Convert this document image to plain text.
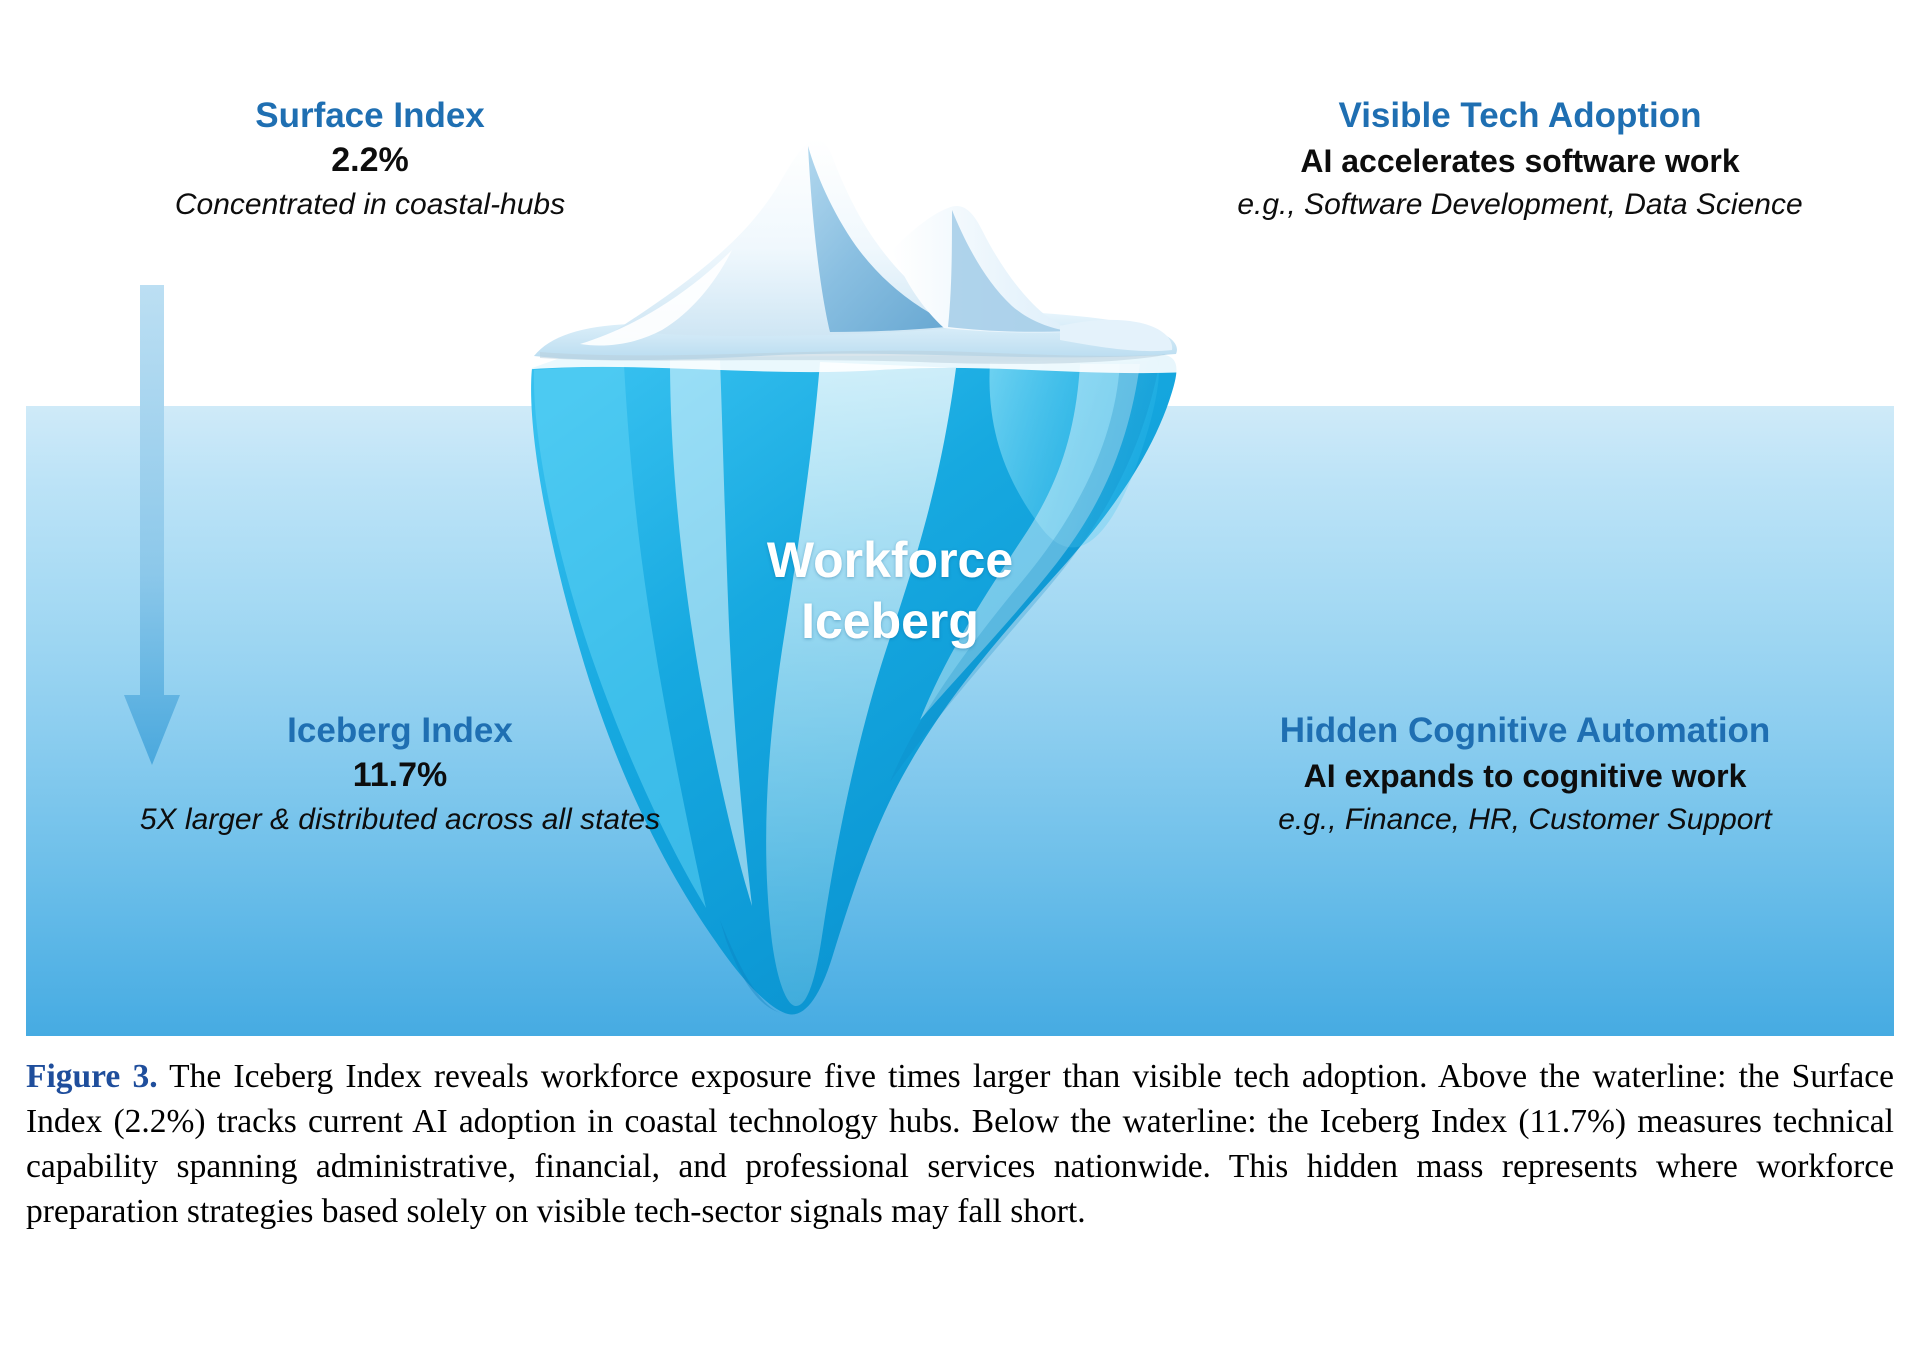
Workforce
Iceberg
Surface Index
2.2%
Concentrated in coastal-hubs
Visible Tech Adoption
AI accelerates software work
e.g., Software Development, Data Science
Iceberg Index
11.7%
5X larger & distributed across all states
Hidden Cognitive Automation
AI expands to cognitive work
e.g., Finance, HR, Customer Support
Figure 3. The Iceberg Index reveals workforce exposure five times larger than visible tech adoption. Above the waterline: the Surface Index (2.2%) tracks current AI adoption in coastal technology hubs. Below the waterline: the Iceberg Index (11.7%) measures technical capability spanning administrative, financial, and professional services nationwide. This hidden mass represents where workforce preparation strategies based solely on visible tech-sector signals may fall short.
